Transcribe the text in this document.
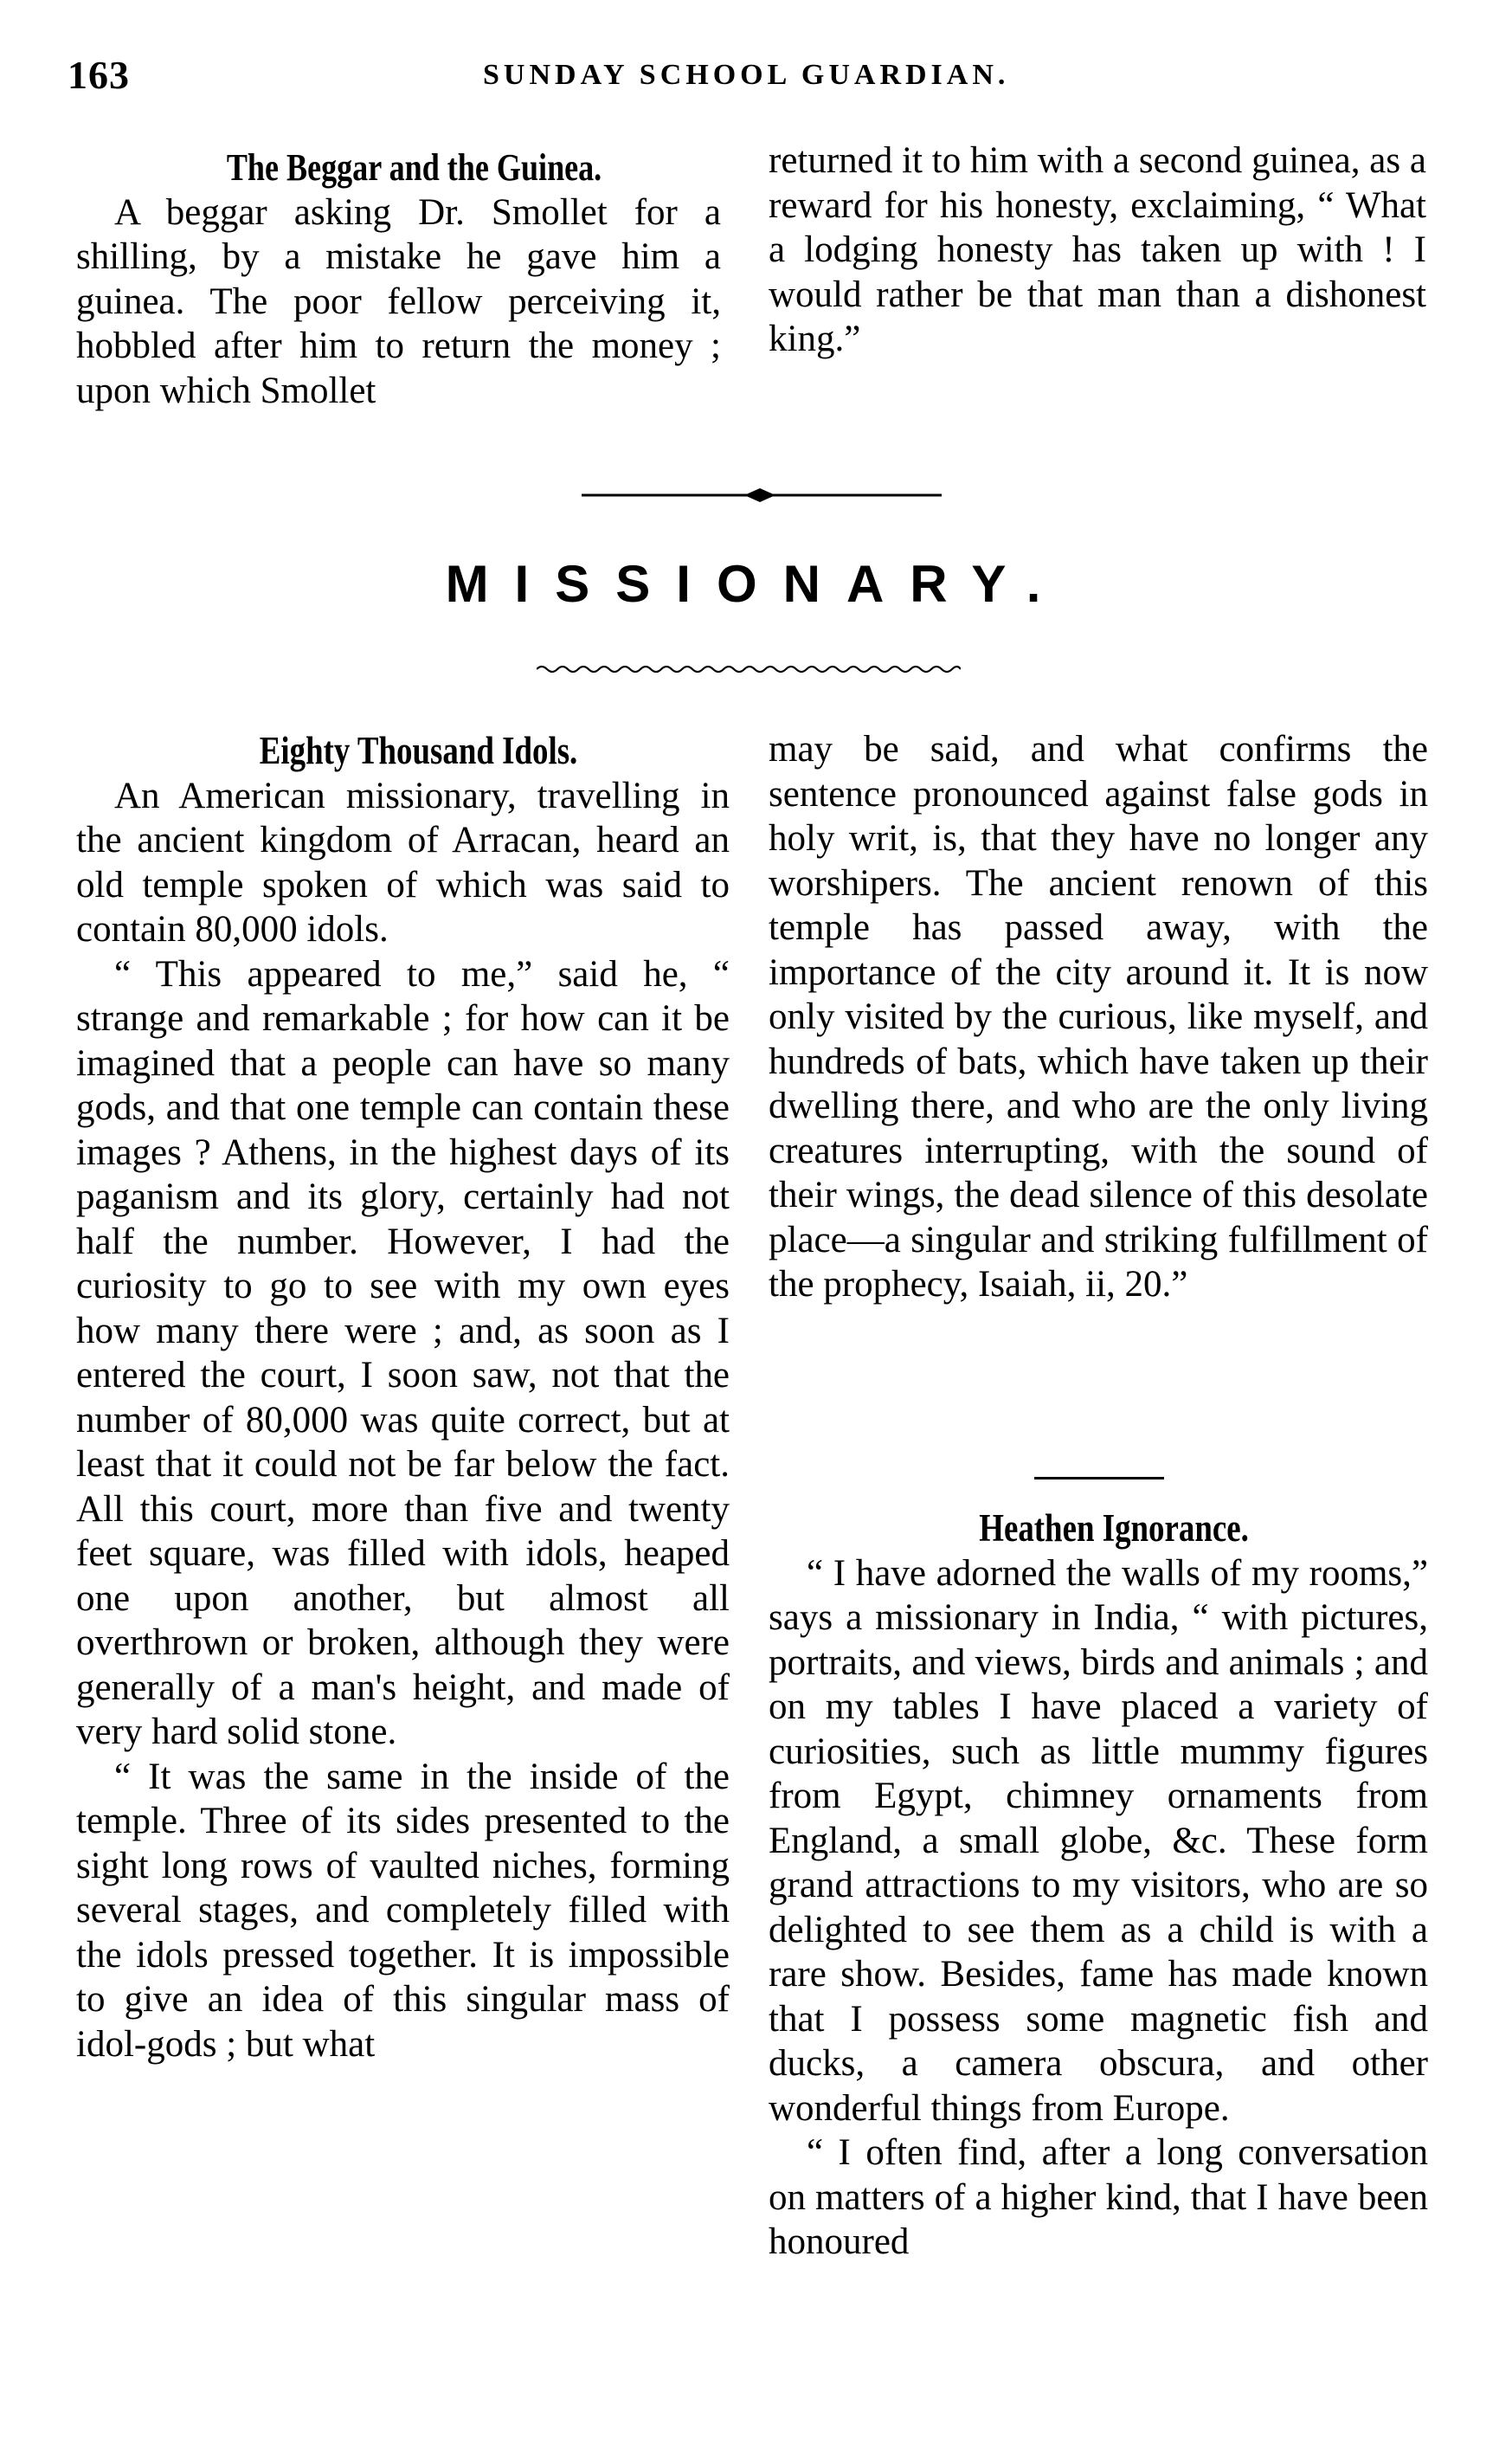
163	SUNDAY SCHOOL GUARDIAN.

The Beggar and the Guinea.

A beggar asking Dr. Smollet for a shilling, by a mistake he gave him a guinea. The poor fellow perceiving it, hobbled after him to return the money ; upon which Smollet

returned it to him with a second guinea, as a reward for his honesty, exclaiming, “ What a lodging honesty has taken up with ! I would rather be that man than a dishonest king.”

MISSIONARY.

Eighty Thousand Idols.

An American missionary, travelling in the ancient kingdom of Arracan, heard an old temple spoken of which was said to contain 80,000 idols.

“ This appeared to me,” said he, “ strange and remarkable ; for how can it be imagined that a people can have so many gods, and that one temple can contain these images ? Athens, in the highest days of its paganism and its glory, certainly had not half the number. However, I had the curiosity to go to see with my own eyes how many there were ; and, as soon as I entered the court, I soon saw, not that the number of 80,000 was quite correct, but at least that it could not be far below the fact. All this court, more than five and twenty feet square, was filled with idols, heaped one upon another, but almost all overthrown or broken, although they were generally of a man's height, and made of very hard solid stone.

“ It was the same in the inside of the temple. Three of its sides presented to the sight long rows of vaulted niches, forming several stages, and completely filled with the idols pressed together. It is impossible to give an idea of this singular mass of idol-gods ; but what

may be said, and what confirms the sentence pronounced against false gods in holy writ, is, that they have no longer any worshipers. The ancient renown of this temple has passed away, with the importance of the city around it. It is now only visited by the curious, like myself, and hundreds of bats, which have taken up their dwelling there, and who are the only living creatures interrupting, with the sound of their wings, the dead silence of this desolate place—a singular and striking fulfillment of the prophecy, Isaiah, ii, 20.”

Heathen Ignorance.

“ I have adorned the walls of my rooms,” says a missionary in India, “ with pictures, portraits, and views, birds and animals ; and on my tables I have placed a variety of curiosities, such as little mummy figures from Egypt, chimney ornaments from England, a small globe, &c. These form grand attractions to my visitors, who are so delighted to see them as a child is with a rare show. Besides, fame has made known that I possess some magnetic fish and ducks, a camera obscura, and other wonderful things from Europe.

“ I often find, after a long conversation on matters of a higher kind, that I have been honoured
